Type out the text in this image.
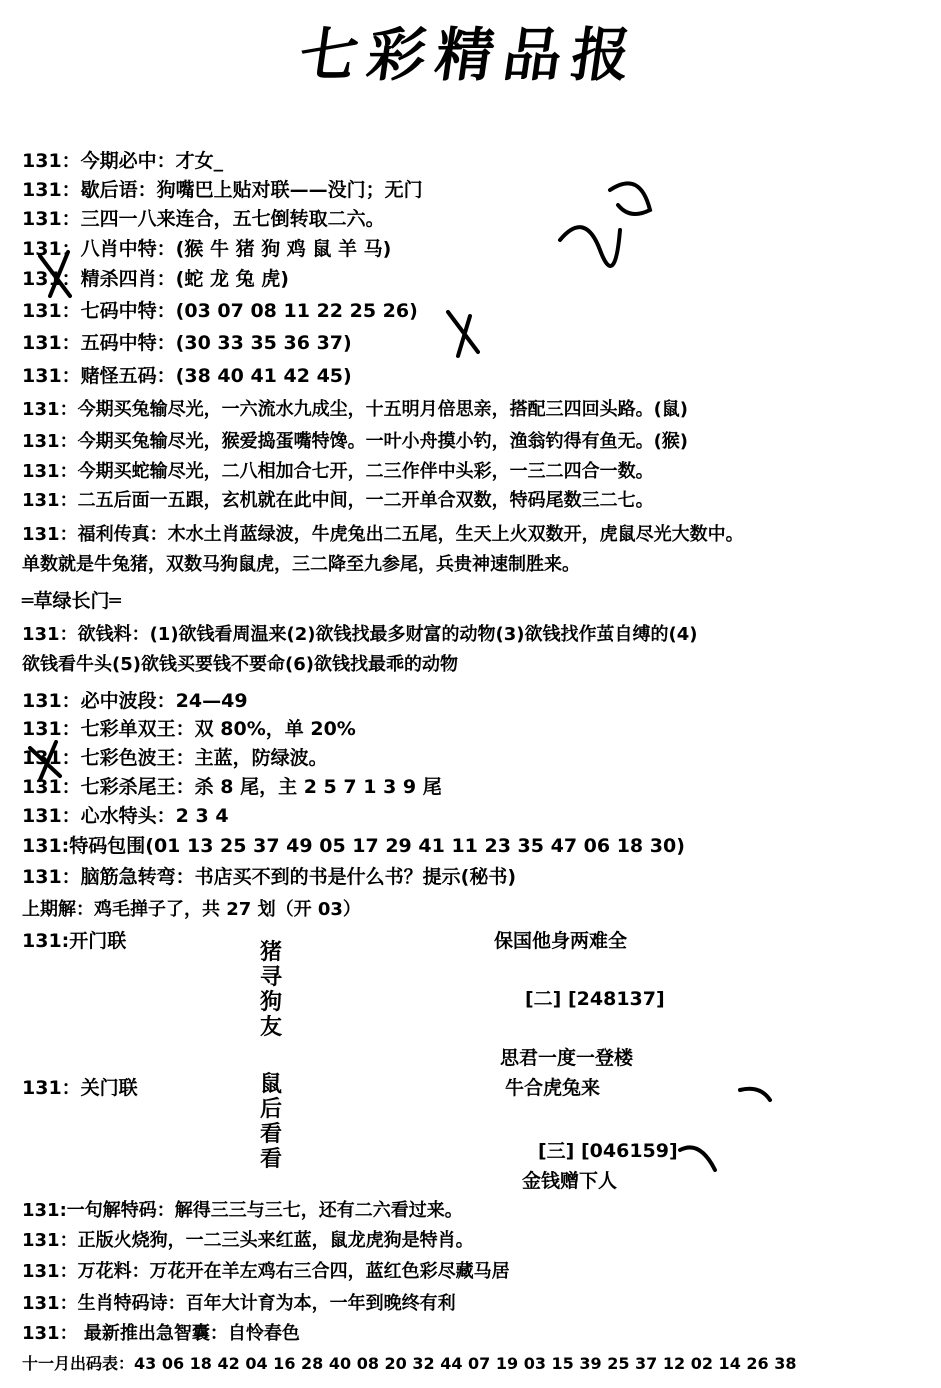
七彩精品报
131：今期必中：才女_
131：歇后语：狗嘴巴上贴对联——没门；无门
131：三四一八来连合，五七倒转取二六。
131：八肖中特：(猴 牛 猪 狗 鸡 鼠 羊 马)
131：精杀四肖：(蛇 龙 兔 虎)
131：七码中特：(03 07 08 11 22 25 26)
131：五码中特：(30 33 35 36 37)
131：赌怪五码：(38 40 41 42 45)
131：今期买兔输尽光，一六流水九成尘，十五明月倍思亲，搭配三四回头路。(鼠)
131：今期买兔输尽光，猴爱捣蛋嘴特馋。一叶小舟摸小钓，渔翁钓得有鱼无。(猴)
131：今期买蛇输尽光，二八相加合七开，二三作伴中头彩，一三二四合一数。
131：二五后面一五跟，玄机就在此中间，一二开单合双数，特码尾数三二七。
131：福利传真：木水土肖蓝绿波，牛虎兔出二五尾，生天上火双数开，虎鼠尽光大数中。
单数就是牛兔猪，双数马狗鼠虎，三二降至九参尾，兵贵神速制胜来。
═草绿长门═
131：欲钱料：(1)欲钱看周温来(2)欲钱找最多财富的动物(3)欲钱找作茧自缚的(4)
欲钱看牛头(5)欲钱买要钱不要命(6)欲钱找最乖的动物
131：必中波段：24—49
131：七彩单双王：双 80%，单 20%
131：七彩色波王：主蓝，防绿波。
131：七彩杀尾王：杀 8 尾，主 2 5 7 1 3 9 尾
131：心水特头：2 3 4
131:特码包围(01 13 25 37 49 05 17 29 41 11 23 35 47 06 18 30)
131：脑筋急转弯：书店买不到的书是什么书？提示(秘书)
上期解：鸡毛掸子了，共 27 划（开 03）
131:开门联	保国他身两难全
猪寻狗友
[二] [248137]
思君一度一登楼
131：关门联	牛合虎兔来
鼠后看看	[三] [046159]
金钱赠下人
131:一句解特码：解得三三与三七，还有二六看过来。
131：正版火烧狗，一二三头来红蓝，鼠龙虎狗是特肖。
131：万花料：万花开在羊左鸡右三合四，蓝红色彩尽藏马居
131：生肖特码诗：百年大计育为本，一年到晚终有利
131： 最新推出急智囊：自怜春色
十一月出码表：43 06 18 42 04 16 28 40 08 20 32 44 07 19 03 15 39 25 37 12 02 14 26 38
